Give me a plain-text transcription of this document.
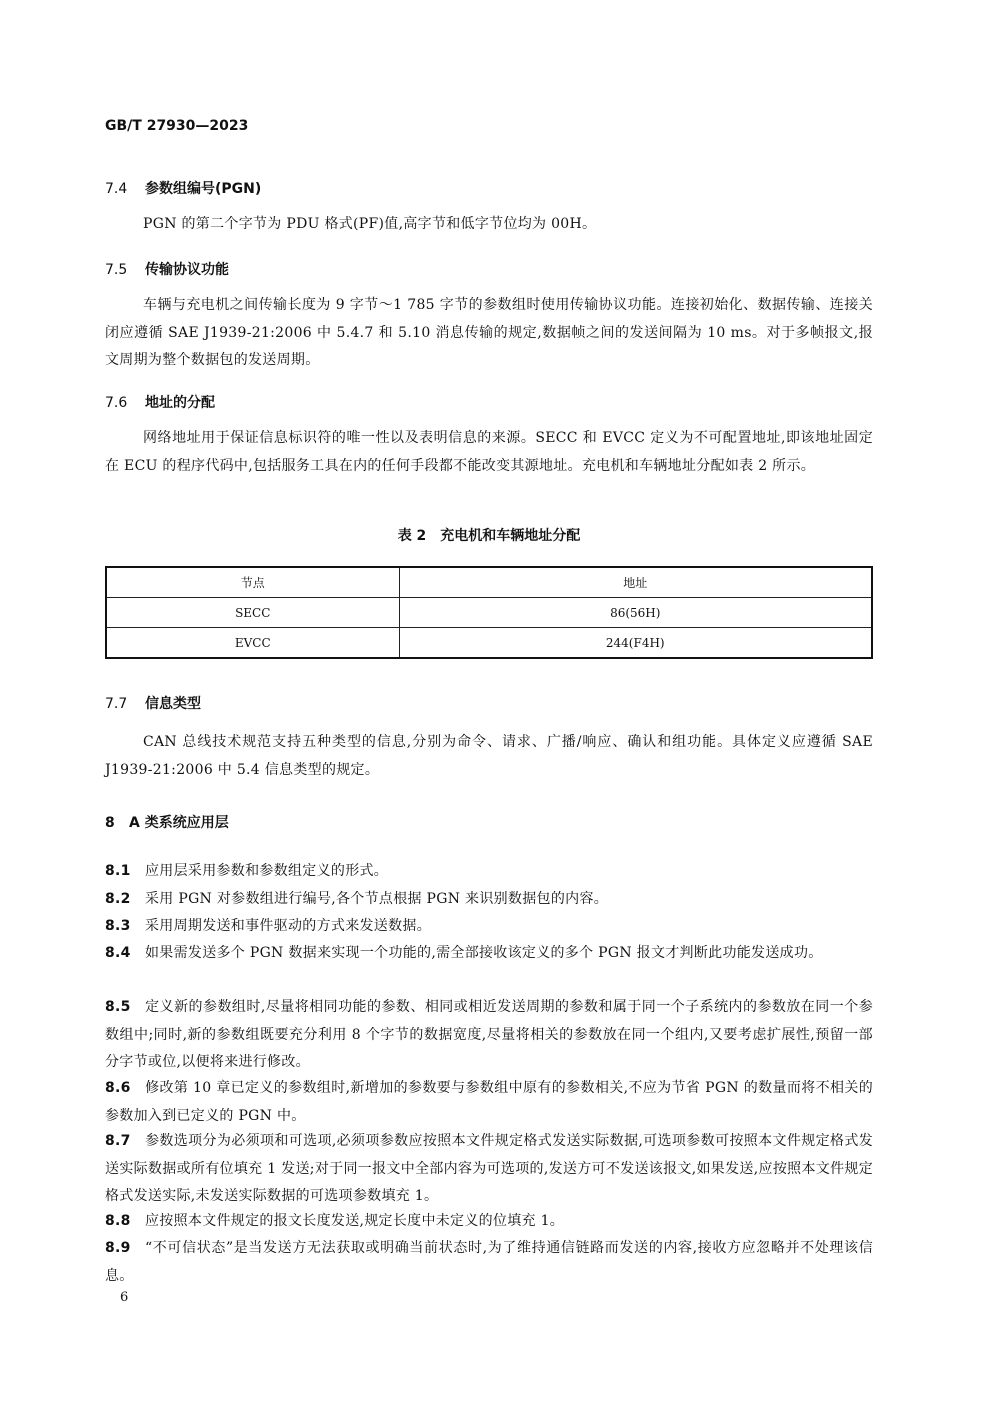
GB/T 27930—2023
7.4 参数组编号(PGN)
PGN 的第二个字节为 PDU 格式(PF)值,高字节和低字节位均为 00H。
7.5 传输协议功能
车辆与充电机之间传输长度为 9 字节～1 785 字节的参数组时使用传输协议功能。连接初始化、数据传输、连接关闭应遵循 SAE J1939-21:2006 中 5.4.7 和 5.10 消息传输的规定,数据帧之间的发送间隔为 10 ms。对于多帧报文,报文周期为整个数据包的发送周期。
7.6 地址的分配
网络地址用于保证信息标识符的唯一性以及表明信息的来源。SECC 和 EVCC 定义为不可配置地址,即该地址固定在 ECU 的程序代码中,包括服务工具在内的任何手段都不能改变其源地址。充电机和车辆地址分配如表 2 所示。
表 2　充电机和车辆地址分配
节点	地址
SECC	86(56H)
EVCC	244(F4H)
7.7 信息类型
CAN 总线技术规范支持五种类型的信息,分别为命令、请求、广播/响应、确认和组功能。具体定义应遵循 SAE J1939-21:2006 中 5.4 信息类型的规定。
8 A 类系统应用层
8.1 应用层采用参数和参数组定义的形式。
8.2 采用 PGN 对参数组进行编号,各个节点根据 PGN 来识别数据包的内容。
8.3 采用周期发送和事件驱动的方式来发送数据。
8.4 如果需发送多个 PGN 数据来实现一个功能的,需全部接收该定义的多个 PGN 报文才判断此功能发送成功。
8.5 定义新的参数组时,尽量将相同功能的参数、相同或相近发送周期的参数和属于同一个子系统内的参数放在同一个参数组中;同时,新的参数组既要充分利用 8 个字节的数据宽度,尽量将相关的参数放在同一个组内,又要考虑扩展性,预留一部分字节或位,以便将来进行修改。
8.6 修改第 10 章已定义的参数组时,新增加的参数要与参数组中原有的参数相关,不应为节省 PGN 的数量而将不相关的参数加入到已定义的 PGN 中。
8.7 参数选项分为必须项和可选项,必须项参数应按照本文件规定格式发送实际数据,可选项参数可按照本文件规定格式发送实际数据或所有位填充 1 发送;对于同一报文中全部内容为可选项的,发送方可不发送该报文,如果发送,应按照本文件规定格式发送实际,未发送实际数据的可选项参数填充 1。
8.8 应按照本文件规定的报文长度发送,规定长度中未定义的位填充 1。
8.9 “不可信状态”是当发送方无法获取或明确当前状态时,为了维持通信链路而发送的内容,接收方应忽略并不处理该信息。
6
